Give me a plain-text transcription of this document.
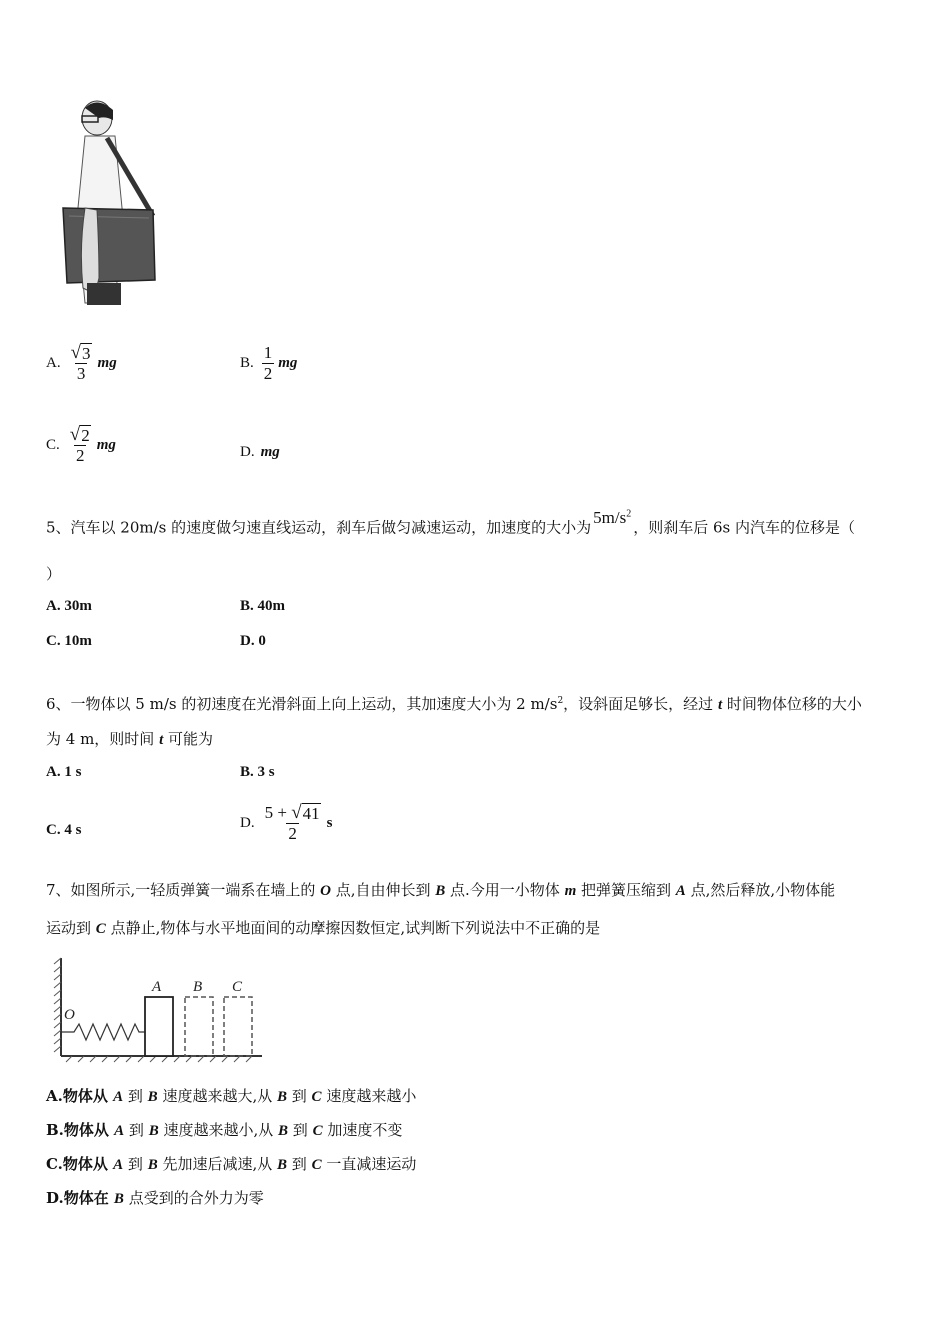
A. $\frac{√ 3}{3}$ mg	B. $\frac{1}{2}$ mg
C. $\frac{√ 2}{2}$ mg	D. mg
5、汽车以 20m/s 的速度做匀速直线运动，刹车后做匀减速运动，加速度的大小为$5m/s^2$，则刹车后 6s 内汽车的位移是（
）
A. 30m	B. 40m
C. 10m	D. 0
6、一物体以 5 m/s 的初速度在光滑斜面上向上运动，其加速度大小为 2 $m/s^2$，设斜面足够长，经过 t 时间物体位移的大小
为 4 m，则时间 t 可能为
A. 1 s	B. 3 s
C. 4 s	D. $\frac{5 + √ 41}{2}$ s
7、如图所示,一轻质弹簧一端系在墙上的 O 点,自由伸长到 B 点.今用一小物体 m 把弹簧压缩到 A 点,然后释放,小物体能
运动到 C 点静止,物体与水平地面间的动摩擦因数恒定,试判断下列说法中不正确的是
O
A B C
A.物体从 A 到 B 速度越来越大,从 B 到 C 速度越来越小
B.物体从 A 到 B 速度越来越小,从 B 到 C 加速度不变
C.物体从 A 到 B 先加速后减速,从 B 到 C 一直减速运动
D.物体在 B 点受到的合外力为零
